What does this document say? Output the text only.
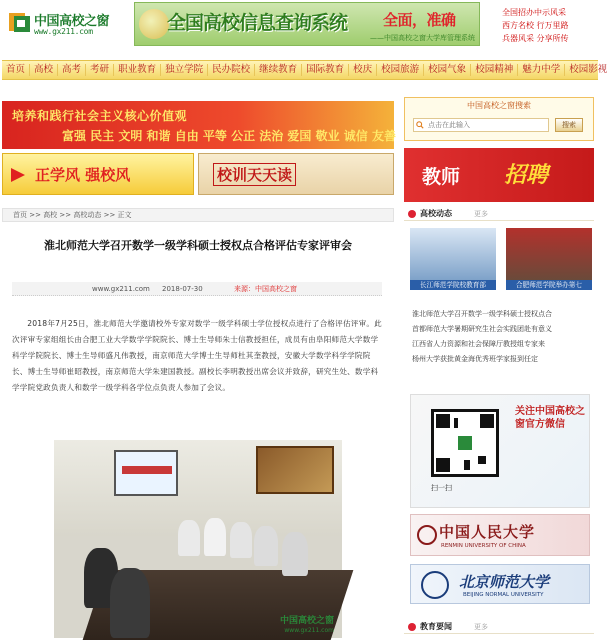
中国高校之窗
www.gx211.com	全国高校信息查询系统 全面，准确
——中国高校之窗大学库管理系统
全国招办中示风采
西方名校 行万里路
兵器风采 分享所传
首页 高校 高考 考研 职业教育 独立学院 民办院校 继续教育 国际教育 校庆 校园旅游 校园气象 校园精神 魅力中学 校园影视
培养和践行社会主义核心价值观
富强 民主 文明 和谐 自由 平等 公正 法治 爱国 敬业 诚信 友善
正学风 强校风	校训天天读
首页 >> 高校 >> 高校动态 >> 正文
淮北师范大学召开数学一级学科硕士授权点合格评估专家评审会
www.gx211.com 2018-07-30	来源：中国高校之窗

2018年7月25日，淮北师范大学邀请校外专家对数学一级学科硕士学位授权点进行了合格评估评审。此次评审专家组组长由合肥工业大学数学学院院长、博士生导师朱士信教授担任，成员有由阜阳师范大学数学科学学院院长、博士生导师盛凡伟教授，南京师范大学博士生导师杜其奎教授，安徽大学数学科学学院院长、博士生导师崔昭教授，南京师范大学朱建国教授。副校长李明教授出席会议并致辞，研究生处、数学科学学院党政负责人和数学一级学科各学位点负责人参加了会议。

中国高校之窗
www.gx211.com
中国高校之窗搜索
点击在此输入
搜索
教师 招聘
高校动态	更多
长江师范学院校教育部	合肥师范学院举办第七
淮北师范大学召开数学一级学科硕士授权点合
首都师范大学暑期研究生社会实践团赴有意义
江西省人力资源和社会保障厅教授组专家来
杨州大学获批黄金海优秀班学家报到任定
关注中国高校之窗官方微信
扫一扫
中国人民大学
RENMIN UNIVERSITY OF CHINA
北京师范大学
BEIJING NORMAL UNIVERSITY
教育要闻	更多
